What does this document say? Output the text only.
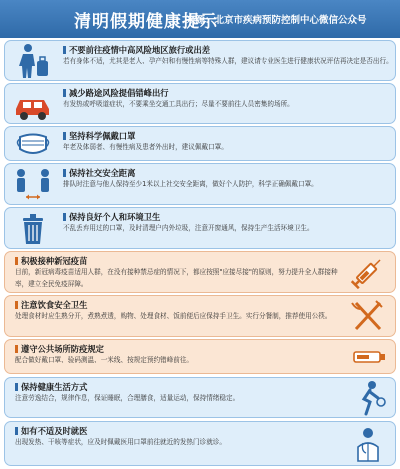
清明假期健康提示
来源：北京市疾病预防控制中心微信公众号
不要前往疫情中高风险地区旅行或出差
若有身体不适，尤其是老人、孕产妇和有慢性病等特殊人群，建议请专业医生进行健康状况评估再决定是否出行。
减少路途风险提倡错峰出行
有发热或呼吸道症状，不要乘坐交通工具出行；尽量不要前往人员密集的场所。
坚持科学佩戴口罩
年老及体弱者、有慢性病及患者外出时，建议佩戴口罩。
保持社交安全距离
排队时注意与他人保持至少1米以上社交安全距离，做好个人防护，科学正确佩戴口罩。
保持良好个人和环境卫生
不乱丢弃用过的口罩，及时清理户内外垃圾，注意开窗通风，保持生产生活环境卫生。
积极接种新冠疫苗
目前，新冠病毒疫苗适用人群，在没有接种禁忌症的情况下，都应按照"应接尽接"的原则，努力提升全人群接种率，建立全民免疫屏障。
注意饮食安全卫生
处理食材时应生熟分开，煮熟煮透，购物、处理食材、饭前便后应保持手卫生。实行分餐制，推荐使用公筷。
遵守公共场所防疫规定
配合做好戴口罩、验码测温、一米线、按规定预约错峰前往。
保持健康生活方式
注意劳逸结合，规律作息，保证睡眠，合理膳食，适量运动，保持情绪稳定。
如有不适及时就医
出现发热、干咳等症状，应及时佩戴医用口罩前往就近的发热门诊就诊。
